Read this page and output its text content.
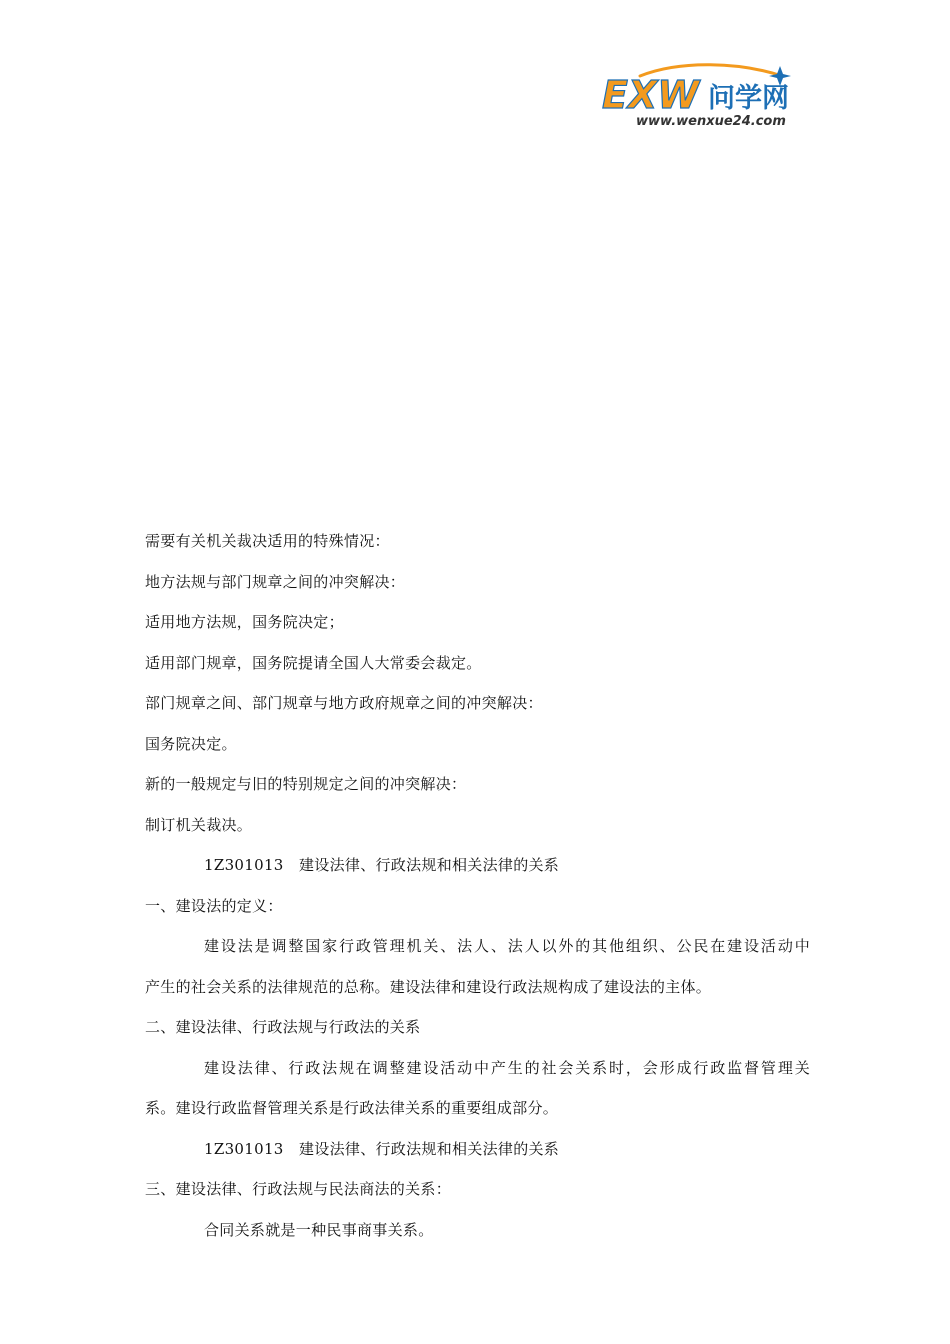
EXW 问学网
www.wenxue24.com
需要有关机关裁决适用的特殊情况：
地方法规与部门规章之间的冲突解决：
适用地方法规，国务院决定；
适用部门规章，国务院提请全国人大常委会裁定。
部门规章之间、部门规章与地方政府规章之间的冲突解决：
国务院决定。
新的一般规定与旧的特别规定之间的冲突解决：
制订机关裁决。
1Z301013 建设法律、行政法规和相关法律的关系
一、建设法的定义：
建设法是调整国家行政管理机关、法人、法人以外的其他组织、公民在建设活动中
产生的社会关系的法律规范的总称。建设法律和建设行政法规构成了建设法的主体。
二、建设法律、行政法规与行政法的关系
建设法律、行政法规在调整建设活动中产生的社会关系时，会形成行政监督管理关
系。建设行政监督管理关系是行政法律关系的重要组成部分。
1Z301013 建设法律、行政法规和相关法律的关系
三、建设法律、行政法规与民法商法的关系：
合同关系就是一种民事商事关系。
